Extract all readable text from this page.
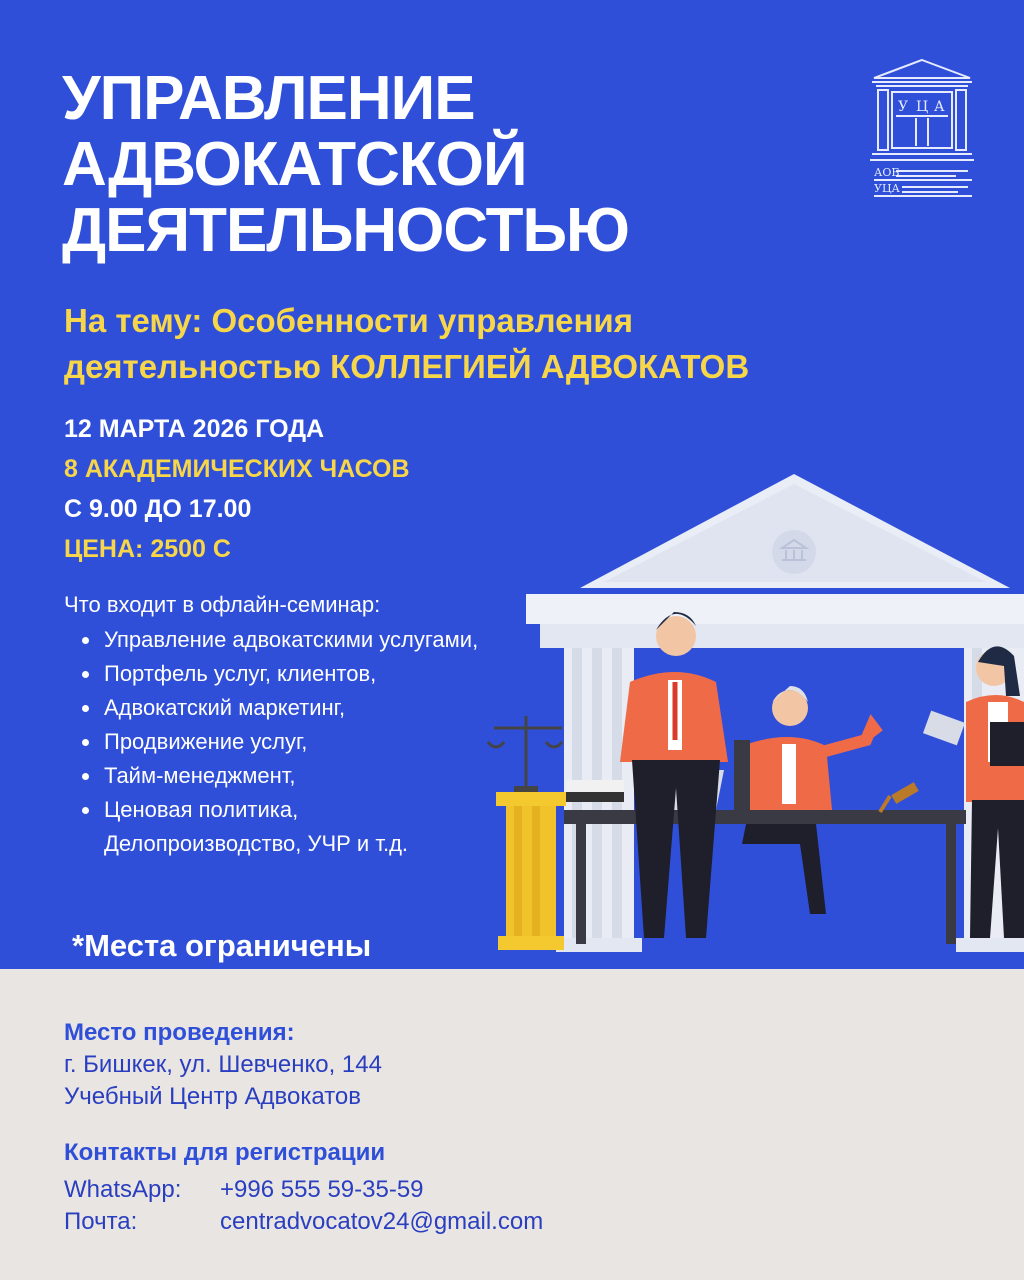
УПРАВЛЕНИЕ
АДВОКАТСКОЙ
ДЕЯТЕЛЬНОСТЬЮ
У Ц А
АОБ
УЦА
На тему: Особенности управления
деятельностью КОЛЛЕГИЕЙ АДВОКАТОВ
12 МАРТА 2026 ГОДА
8 АКАДЕМИЧЕСКИХ ЧАСОВ
С 9.00 ДО 17.00
ЦЕНА: 2500 С
Что входит в офлайн-семинар:
Управление адвокатскими услугами,
Портфель услуг, клиентов,
Адвокатский маркетинг,
Продвижение услуг,
Тайм-менеджмент,
Ценовая политика,
Делопроизводство, УЧР и т.д.
*Места ограничены
Место проведения:
г. Бишкек, ул. Шевченко, 144
Учебный Центр Адвокатов
Контакты для регистрации
WhatsApp: +996 555 59-35-59
Почта:	centradvocatov24@gmail.com
